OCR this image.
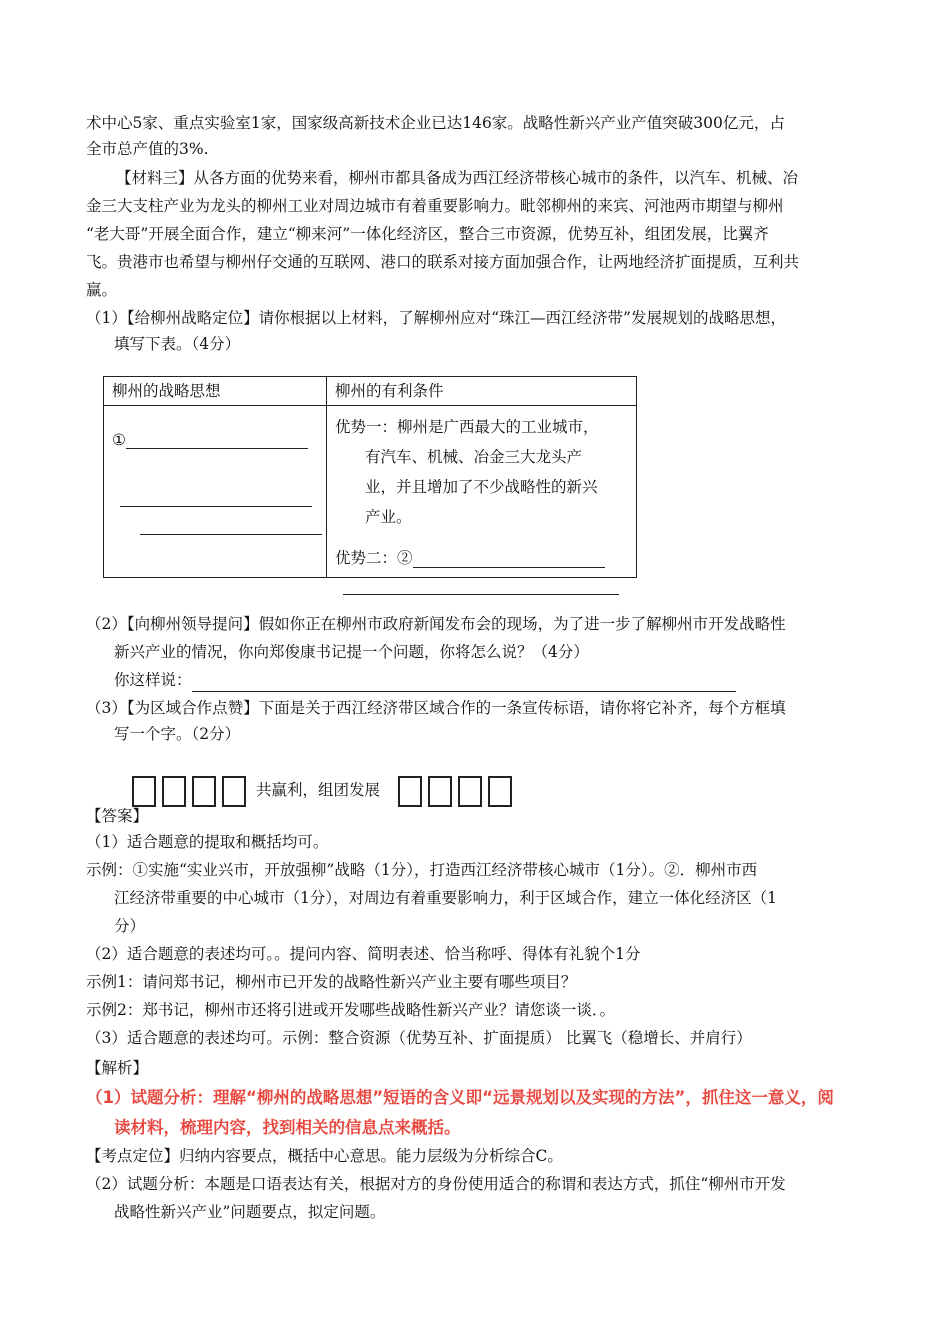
术中心5家、重点实验室1家，国家级高新技术企业已达146家。战略性新兴产业产值突破300亿元，占
全市总产值的3%.
【材料三】从各方面的优势来看，柳州市都具备成为西江经济带核心城市的条件，以汽车、机械、冶
金三大支柱产业为龙头的柳州工业对周边城市有着重要影响力。毗邻柳州的来宾、河池两市期望与柳州
“老大哥”开展全面合作，建立“柳来河”一体化经济区，整合三市资源，优势互补，组团发展，比翼齐
飞。贵港市也希望与柳州仔交通的互联网、港口的联系对接方面加强合作，让两地经济扩面提质，互利共
赢。
（1）【给柳州战略定位】请你根据以上材料，了解柳州应对“珠江—西江经济带”发展规划的战略思想，
填写下表。（4分）
柳州的战略思想	柳州的有利条件

①	优势一：柳州是广西最大的工业城市，
有汽车、机械、冶金三大龙头产
业，并且增加了不少战略性的新兴
产业。
优势二：②
（2）【向柳州领导提问】假如你正在柳州市政府新闻发布会的现场，为了进一步了解柳州市开发战略性
新兴产业的情况，你向郑俊康书记提一个问题，你将怎么说？（4分）
你这样说：
（3）【为区域合作点赞】下面是关于西江经济带区域合作的一条宣传标语，请你将它补齐，每个方框填
写一个字。（2分）
共赢利，组团发展
【答案】
（1）适合题意的提取和概括均可。
示例：①实施“实业兴市，开放强柳”战略（1分），打造西江经济带核心城市（1分）。②．柳州市西
江经济带重要的中心城市（1分），对周边有着重要影响力，利于区域合作，建立一体化经济区（1
分）
（2）适合题意的表述均可。。提问内容、简明表述、恰当称呼、得体有礼貌个1分
示例1：请问郑书记，柳州市已开发的战略性新兴产业主要有哪些项目？
示例2：郑书记，柳州市还将引进或开发哪些战略性新兴产业？请您谈一谈．。
（3）适合题意的表述均可。示例：整合资源（优势互补、扩面提质） 比翼飞（稳增长、并肩行）
【解析】
（1）试题分析：理解“柳州的战略思想”短语的含义即“远景规划以及实现的方法”，抓住这一意义，阅
读材料，梳理内容，找到相关的信息点来概括。
【考点定位】归纳内容要点，概括中心意思。能力层级为分析综合C。
（2）试题分析：本题是口语表达有关，根据对方的身份使用适合的称谓和表达方式，抓住“柳州市开发
战略性新兴产业”问题要点，拟定问题。
